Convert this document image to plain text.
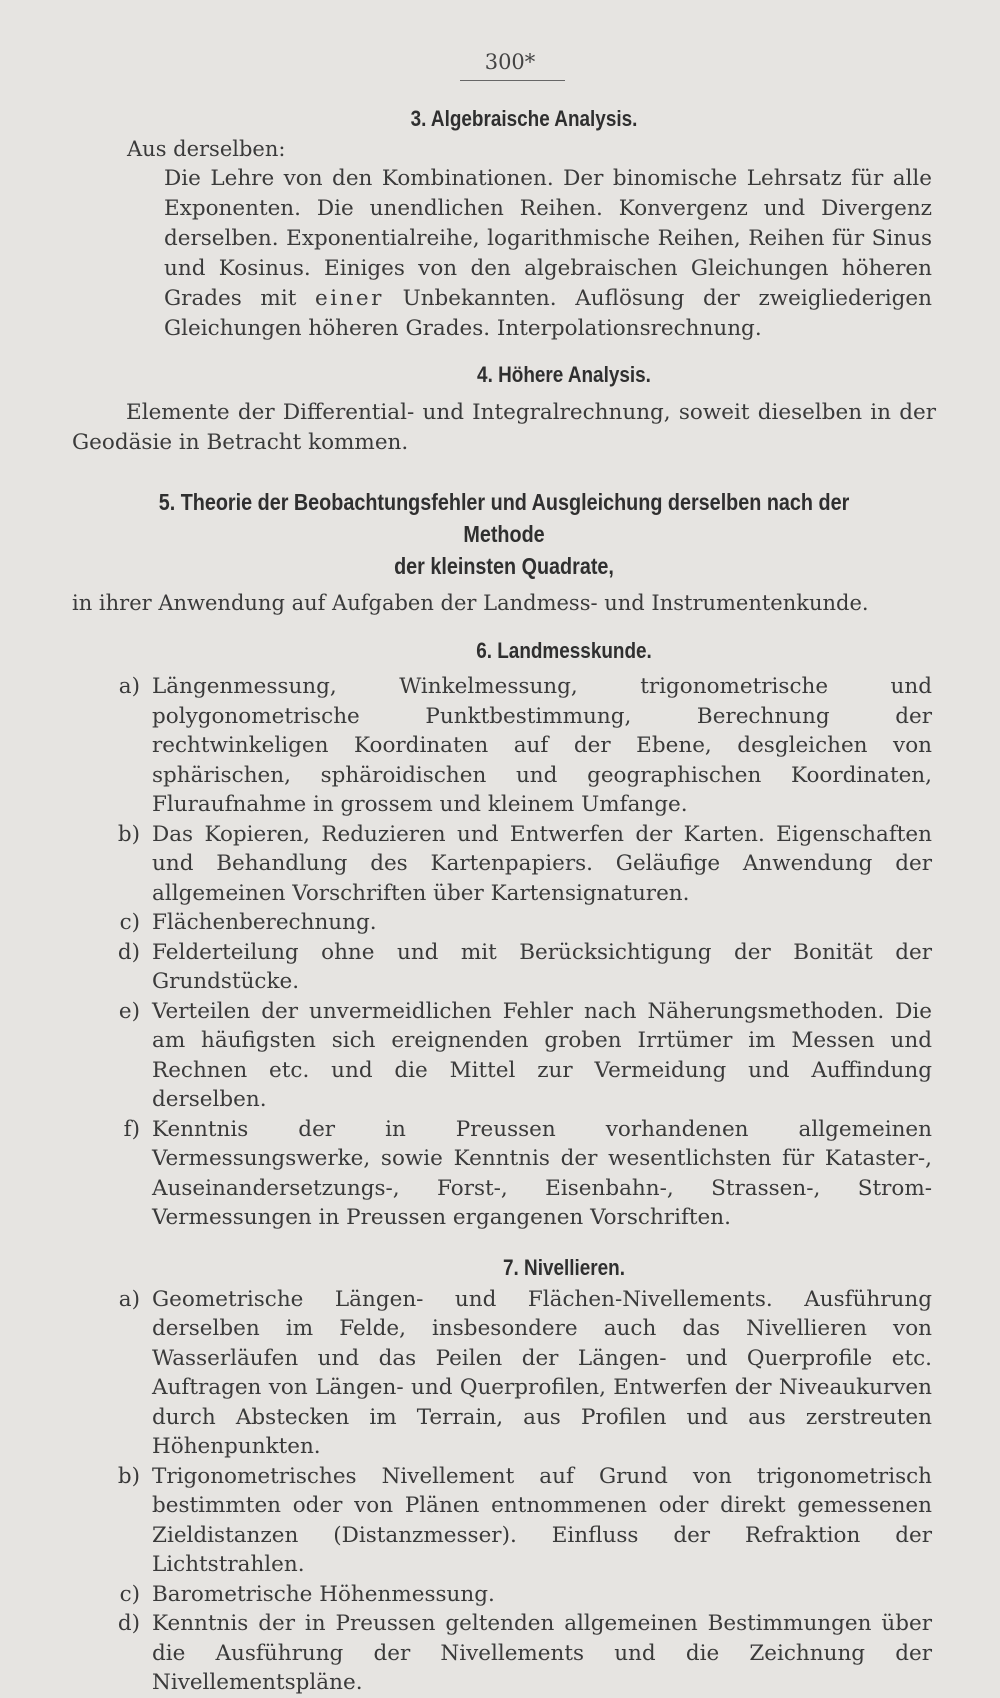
300*
3. Algebraische Analysis.

Aus derselben:

Die Lehre von den Kombinationen. Der binomische Lehrsatz für alle Exponenten. Die unendlichen Reihen. Konvergenz und Divergenz derselben. Exponentialreihe, logarithmische Reihen, Reihen für Sinus und Kosinus. Einiges von den algebraischen Gleichungen höheren Grades mit einer Unbekannten. Auflösung der zweigliederigen Gleichungen höheren Grades. Interpolationsrechnung.

4. Höhere Analysis.

Elemente der Differential- und Integralrechnung, soweit dieselben in der Geodäsie in Betracht kommen.

5. Theorie der Beobachtungsfehler und Ausgleichung derselben nach der Methode
der kleinsten Quadrate,

in ihrer Anwendung auf Aufgaben der Landmess- und Instrumentenkunde.

6. Landmesskunde.
a) Längenmessung, Winkelmessung, trigonometrische und polygonometrische Punktbestimmung, Berechnung der rechtwinkeligen Koordinaten auf der Ebene, desgleichen von sphärischen, sphäroidischen und geographischen Koordinaten, Fluraufnahme in grossem und kleinem Umfange.
b) Das Kopieren, Reduzieren und Entwerfen der Karten. Eigenschaften und Behandlung des Kartenpapiers. Geläufige Anwendung der allgemeinen Vorschriften über Kartensignaturen.
c) Flächenberechnung.
d) Felderteilung ohne und mit Berücksichtigung der Bonität der Grundstücke.
e) Verteilen der unvermeidlichen Fehler nach Näherungsmethoden. Die am häufigsten sich ereignenden groben Irrtümer im Messen und Rechnen etc. und die Mittel zur Vermeidung und Auffindung derselben.
f) Kenntnis der in Preussen vorhandenen allgemeinen Vermessungswerke, sowie Kenntnis der wesentlichsten für Kataster-, Auseinandersetzungs-, Forst-, Eisenbahn-, Strassen-, Strom-Vermessungen in Preussen ergangenen Vorschriften.
7. Nivellieren.
a) Geometrische Längen- und Flächen-Nivellements. Ausführung derselben im Felde, insbesondere auch das Nivellieren von Wasserläufen und das Peilen der Längen- und Querprofile etc. Auftragen von Längen- und Querprofilen, Entwerfen der Niveaukurven durch Abstecken im Terrain, aus Profilen und aus zerstreuten Höhenpunkten.
b) Trigonometrisches Nivellement auf Grund von trigonometrisch bestimmten oder von Plänen entnommenen oder direkt gemessenen Zieldistanzen (Distanzmesser). Einfluss der Refraktion der Lichtstrahlen.
c) Barometrische Höhenmessung.
d) Kenntnis der in Preussen geltenden allgemeinen Bestimmungen über die Ausführung der Nivellements und die Zeichnung der Nivellementspläne.
